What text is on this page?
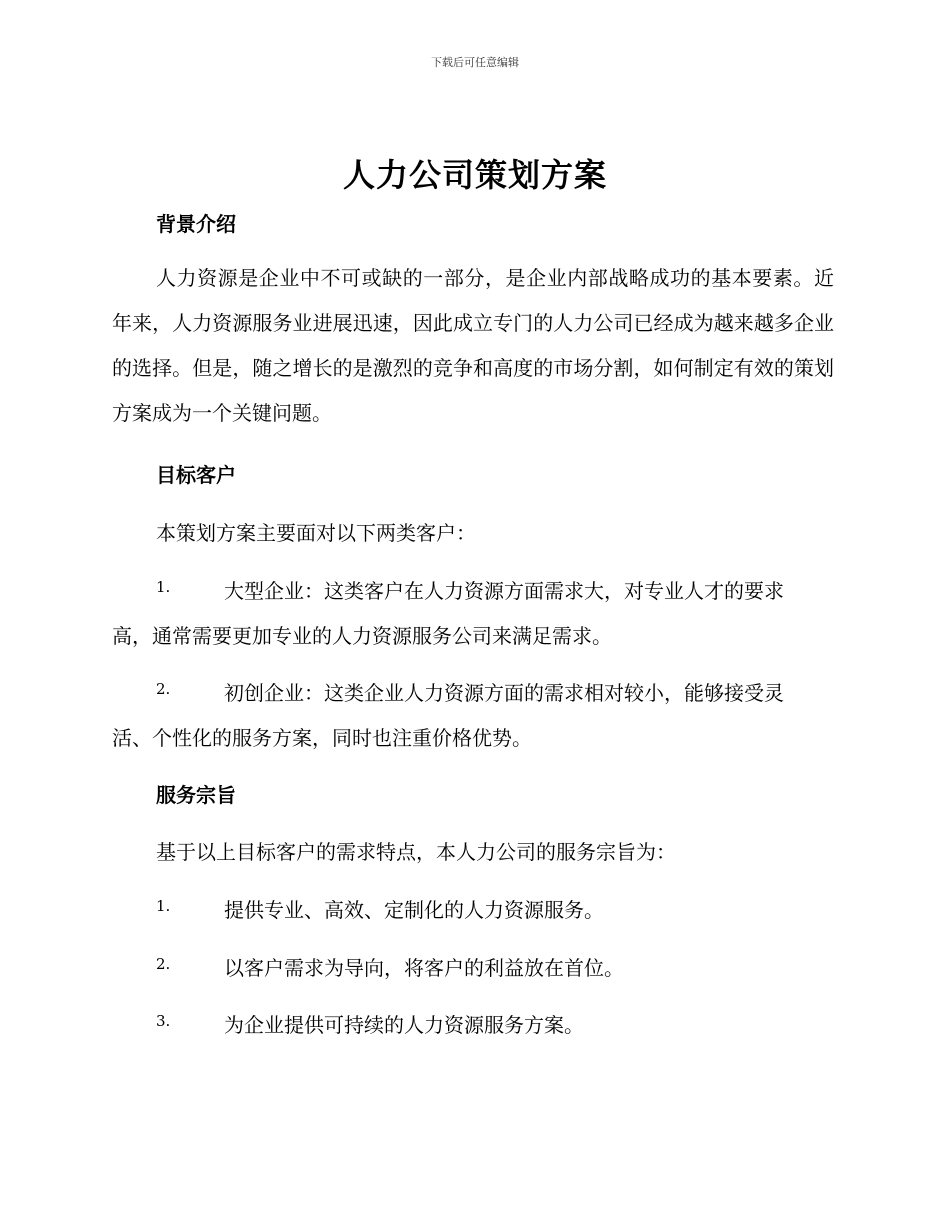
下载后可任意编辑
人力公司策划方案
背景介绍

人力资源是企业中不可或缺的一部分，是企业内部战略成功的基本要素。近年来，人力资源服务业进展迅速，因此成立专门的人力公司已经成为越来越多企业的选择。但是，随之增长的是激烈的竞争和高度的市场分割，如何制定有效的策划方案成为一个关键问题。

目标客户
本策划方案主要面对以下两类客户：
1.	大型企业：这类客户在人力资源方面需求大，对专业人才的要求
高，通常需要更加专业的人力资源服务公司来满足需求。
2.	初创企业：这类企业人力资源方面的需求相对较小，能够接受灵
活、个性化的服务方案，同时也注重价格优势。
服务宗旨
基于以上目标客户的需求特点，本人力公司的服务宗旨为：
1.	提供专业、高效、定制化的人力资源服务。
2.	以客户需求为导向，将客户的利益放在首位。
3.	为企业提供可持续的人力资源服务方案。
